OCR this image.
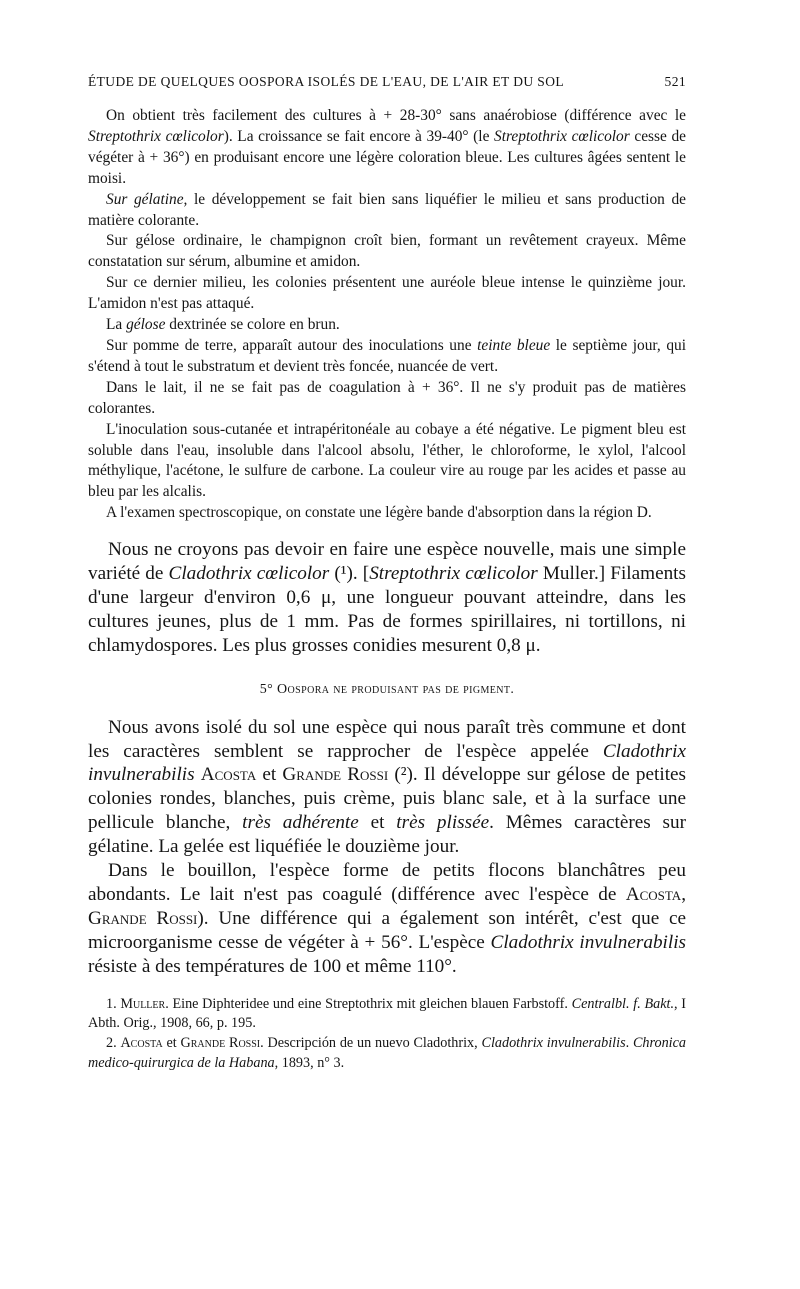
ÉTUDE DE QUELQUES OOSPORA ISOLÉS DE L'EAU, DE L'AIR ET DU SOL	521

On obtient très facilement des cultures à + 28-30° sans anaérobiose (différence avec le Streptothrix cœlicolor). La croissance se fait encore à 39-40° (le Streptothrix cœlicolor cesse de végéter à + 36°) en produisant encore une légère coloration bleue. Les cultures âgées sentent le moisi.

Sur gélatine, le développement se fait bien sans liquéfier le milieu et sans production de matière colorante.

Sur gélose ordinaire, le champignon croît bien, formant un revêtement crayeux. Même constatation sur sérum, albumine et amidon.

Sur ce dernier milieu, les colonies présentent une auréole bleue intense le quinzième jour. L'amidon n'est pas attaqué.

La gélose dextrinée se colore en brun.

Sur pomme de terre, apparaît autour des inoculations une teinte bleue le septième jour, qui s'étend à tout le substratum et devient très foncée, nuancée de vert.

Dans le lait, il ne se fait pas de coagulation à + 36°. Il ne s'y produit pas de matières colorantes.

L'inoculation sous-cutanée et intrapéritonéale au cobaye a été négative. Le pigment bleu est soluble dans l'eau, insoluble dans l'alcool absolu, l'éther, le chloroforme, le xylol, l'alcool méthylique, l'acétone, le sulfure de carbone. La couleur vire au rouge par les acides et passe au bleu par les alcalis.

A l'examen spectroscopique, on constate une légère bande d'absorption dans la région D.

Nous ne croyons pas devoir en faire une espèce nouvelle, mais une simple variété de Cladothrix cœlicolor (¹). [Streptothrix cœlicolor Muller.] Filaments d'une largeur d'environ 0,6 μ, une longueur pouvant atteindre, dans les cultures jeunes, plus de 1 mm. Pas de formes spirillaires, ni tortillons, ni chlamydospores. Les plus grosses conidies mesurent 0,8 μ.

5° Oospora ne produisant pas de pigment.

Nous avons isolé du sol une espèce qui nous paraît très commune et dont les caractères semblent se rapprocher de l'espèce appelée Cladothrix invulnerabilis Acosta et Grande Rossi (²). Il développe sur gélose de petites colonies rondes, blanches, puis crème, puis blanc sale, et à la surface une pellicule blanche, très adhérente et très plissée. Mêmes caractères sur gélatine. La gelée est liquéfiée le douzième jour.

Dans le bouillon, l'espèce forme de petits flocons blanchâtres peu abondants. Le lait n'est pas coagulé (différence avec l'espèce de Acosta, Grande Rossi). Une différence qui a également son intérêt, c'est que ce microorganisme cesse de végéter à + 56°. L'espèce Cladothrix invulnerabilis résiste à des températures de 100 et même 110°.

1. Muller. Eine Diphteridee und eine Streptothrix mit gleichen blauen Farbstoff. Centralbl. f. Bakt., I Abth. Orig., 1908, 66, p. 195.

2. Acosta et Grande Rossi. Descripción de un nuevo Cladothrix, Cladothrix invulnerabilis. Chronica medico-quirurgica de la Habana, 1893, n° 3.
